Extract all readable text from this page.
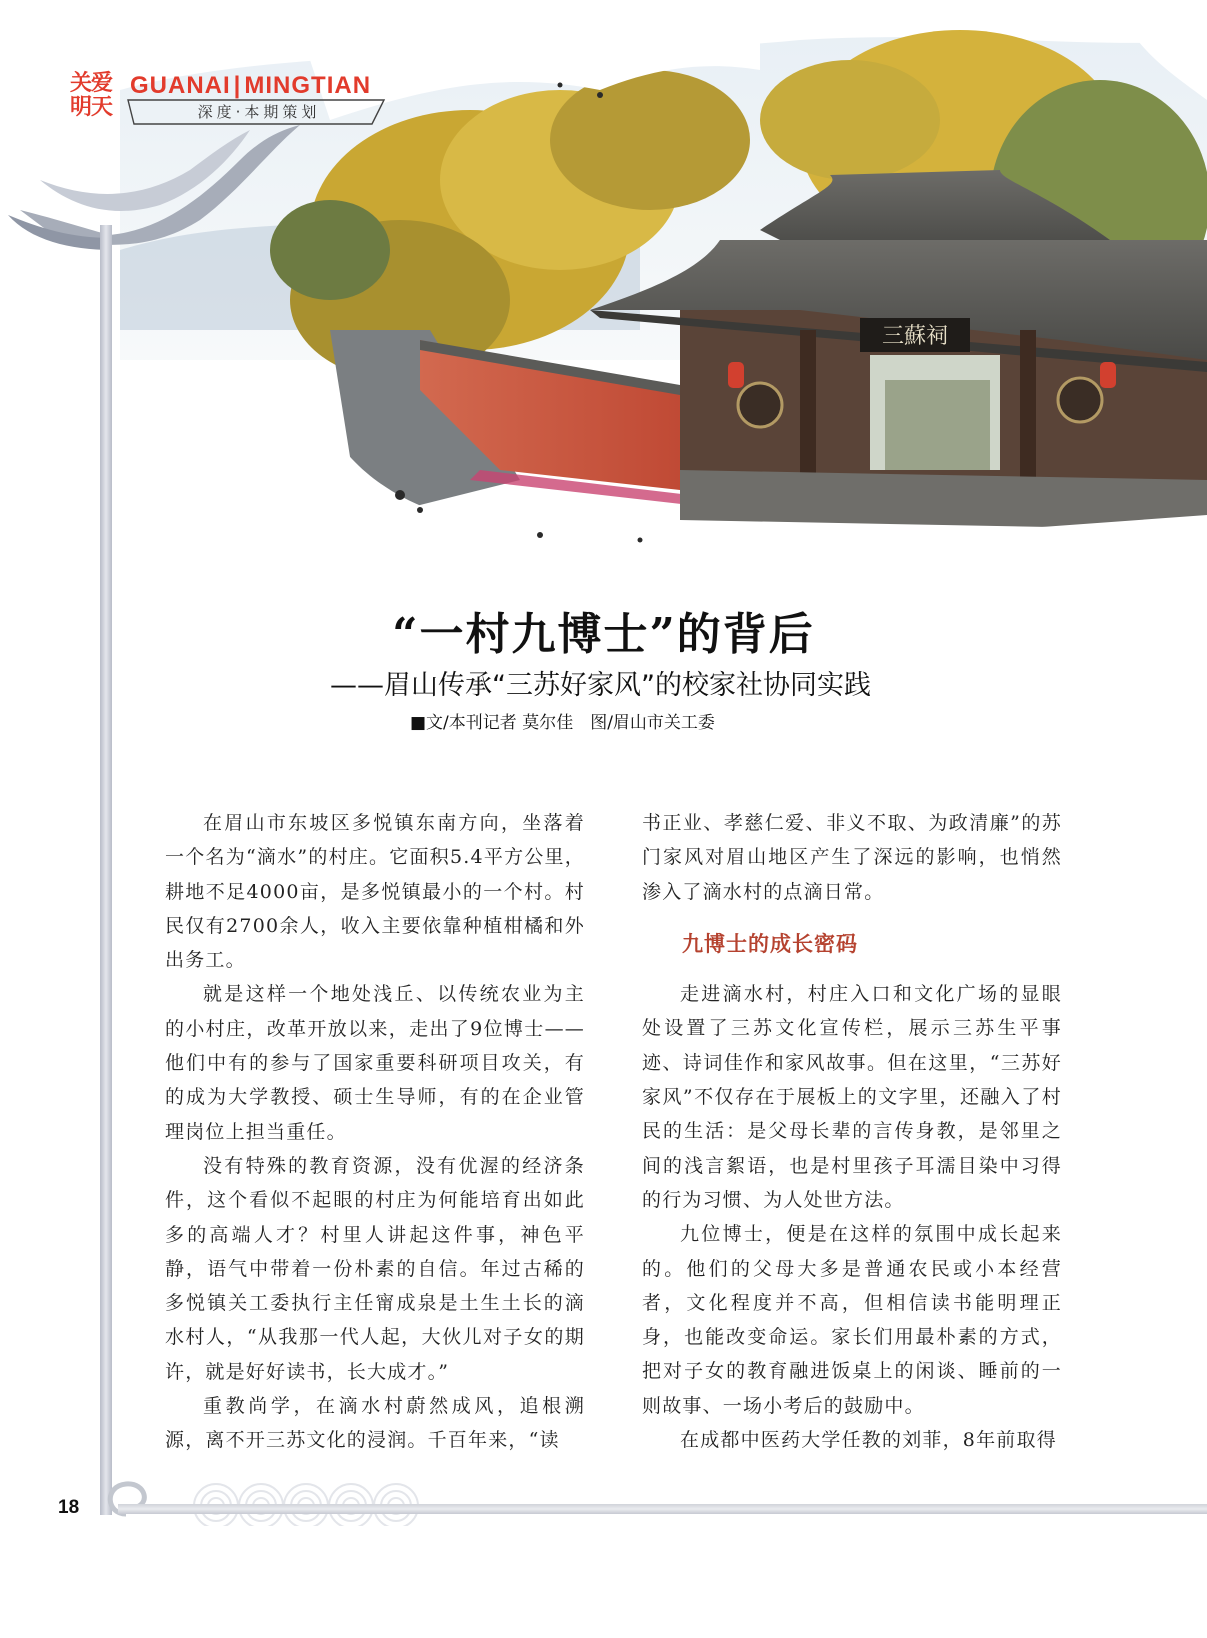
三蘇祠
关爱
明天
GUANAI | MINGTIAN
深度·本期策划
“一村九博士”的背后
——眉山传承“三苏好家风”的校家社协同实践
■文/本刊记者 莫尔佳　图/眉山市关工委

在眉山市东坡区多悦镇东南方向，坐落着一个名为“滴水”的村庄。它面积5.4平方公里，耕地不足4000亩，是多悦镇最小的一个村。村民仅有2700余人，收入主要依靠种植柑橘和外出务工。

就是这样一个地处浅丘、以传统农业为主的小村庄，改革开放以来，走出了9位博士——他们中有的参与了国家重要科研项目攻关，有的成为大学教授、硕士生导师，有的在企业管理岗位上担当重任。

没有特殊的教育资源，没有优渥的经济条件，这个看似不起眼的村庄为何能培育出如此多的高端人才？村里人讲起这件事，神色平静，语气中带着一份朴素的自信。年过古稀的多悦镇关工委执行主任甯成泉是土生土长的滴水村人，“从我那一代人起，大伙儿对子女的期许，就是好好读书，长大成才。”

重教尚学，在滴水村蔚然成风，追根溯源，离不开三苏文化的浸润。千百年来，“读

书正业、孝慈仁爱、非义不取、为政清廉”的苏门家风对眉山地区产生了深远的影响，也悄然渗入了滴水村的点滴日常。

九博士的成长密码

走进滴水村，村庄入口和文化广场的显眼处设置了三苏文化宣传栏，展示三苏生平事迹、诗词佳作和家风故事。但在这里，“三苏好家风”不仅存在于展板上的文字里，还融入了村民的生活：是父母长辈的言传身教，是邻里之间的浅言絮语，也是村里孩子耳濡目染中习得的行为习惯、为人处世方法。

九位博士，便是在这样的氛围中成长起来的。他们的父母大多是普通农民或小本经营者，文化程度并不高，但相信读书能明理正身，也能改变命运。家长们用最朴素的方式，把对子女的教育融进饭桌上的闲谈、睡前的一则故事、一场小考后的鼓励中。

在成都中医药大学任教的刘菲，8年前取得

18
